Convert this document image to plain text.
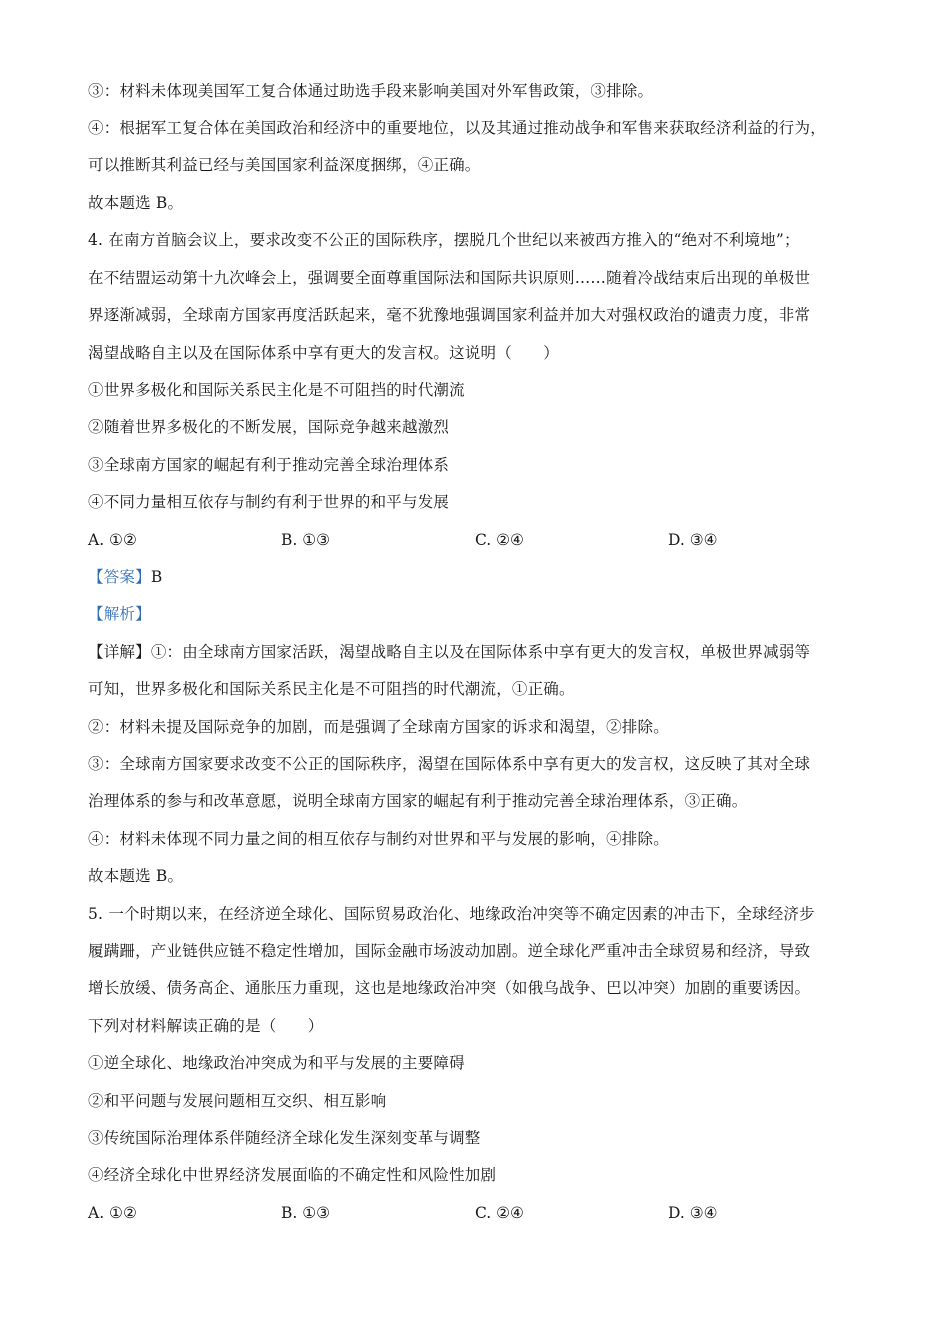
③：材料未体现美国军工复合体通过助选手段来影响美国对外军售政策，③排除。
④：根据军工复合体在美国政治和经济中的重要地位，以及其通过推动战争和军售来获取经济利益的行为，
可以推断其利益已经与美国国家利益深度捆绑，④正确。
故本题选 B。
4. 在南方首脑会议上，要求改变不公正的国际秩序，摆脱几个世纪以来被西方推入的“绝对不利境地”；
在不结盟运动第十九次峰会上，强调要全面尊重国际法和国际共识原则……随着冷战结束后出现的单极世
界逐渐减弱，全球南方国家再度活跃起来，毫不犹豫地强调国家利益并加大对强权政治的谴责力度，非常
渴望战略自主以及在国际体系中享有更大的发言权。这说明（　　）
①世界多极化和国际关系民主化是不可阻挡的时代潮流
②随着世界多极化的不断发展，国际竞争越来越激烈
③全球南方国家的崛起有利于推动完善全球治理体系
④不同力量相互依存与制约有利于世界的和平与发展
A. ①②	B. ①③	C. ②④	D. ③④
【答案】B
【解析】
【详解】①：由全球南方国家活跃，渴望战略自主以及在国际体系中享有更大的发言权，单极世界减弱等
可知，世界多极化和国际关系民主化是不可阻挡的时代潮流，①正确。
②：材料未提及国际竞争的加剧，而是强调了全球南方国家的诉求和渴望，②排除。
③：全球南方国家要求改变不公正的国际秩序，渴望在国际体系中享有更大的发言权，这反映了其对全球
治理体系的参与和改革意愿，说明全球南方国家的崛起有利于推动完善全球治理体系，③正确。
④：材料未体现不同力量之间的相互依存与制约对世界和平与发展的影响，④排除。
故本题选 B。
5. 一个时期以来，在经济逆全球化、国际贸易政治化、地缘政治冲突等不确定因素的冲击下，全球经济步
履蹒跚，产业链供应链不稳定性增加，国际金融市场波动加剧。逆全球化严重冲击全球贸易和经济，导致
增长放缓、债务高企、通胀压力重现，这也是地缘政治冲突（如俄乌战争、巴以冲突）加剧的重要诱因。
下列对材料解读正确的是（　　）
①逆全球化、地缘政治冲突成为和平与发展的主要障碍
②和平问题与发展问题相互交织、相互影响
③传统国际治理体系伴随经济全球化发生深刻变革与调整
④经济全球化中世界经济发展面临的不确定性和风险性加剧
A. ①②	B. ①③	C. ②④	D. ③④
